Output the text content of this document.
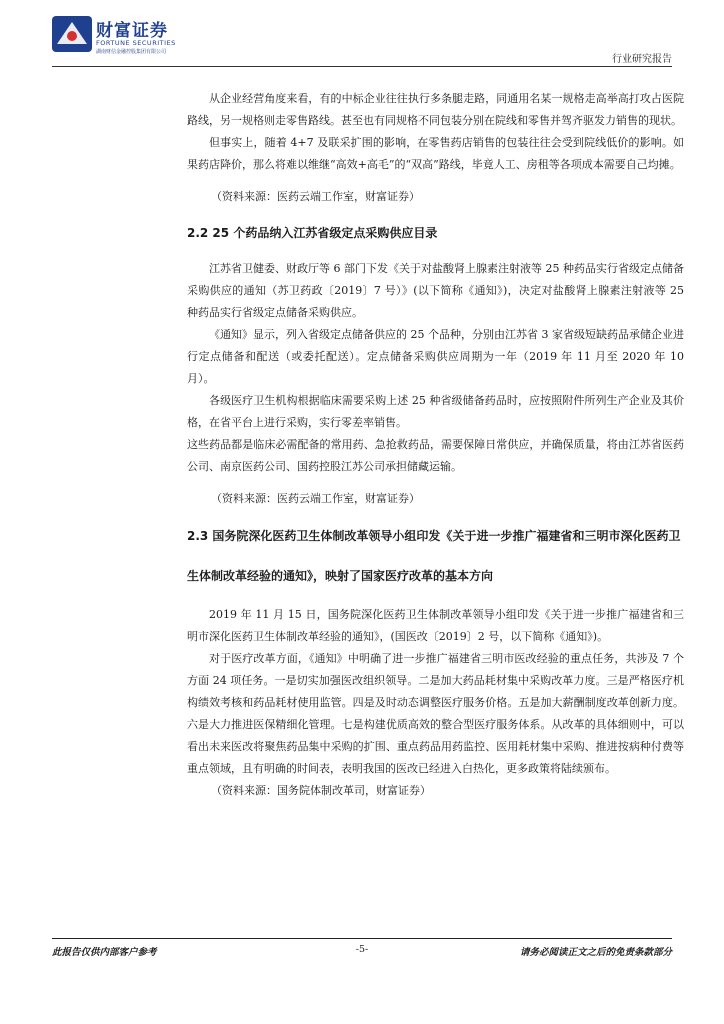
财富证券
FORTUNE SECURITIES
湖南财信金融控股集团有限公司
行业研究报告

从企业经营角度来看，有的中标企业往往执行多条腿走路，同通用名某一规格走高举高打攻占医院路线，另一规格则走零售路线。甚至也有同规格不同包装分别在院线和零售并驾齐驱发力销售的现状。

但事实上，随着 4+7 及联采扩围的影响，在零售药店销售的包装往往会受到院线低价的影响。如果药店降价，那么将难以维继“高效+高毛”的“双高”路线，毕竟人工、房租等各项成本需要自己均摊。

（资料来源：医药云端工作室，财富证券）

2.2 25 个药品纳入江苏省级定点采购供应目录

江苏省卫健委、财政厅等 6 部门下发《关于对盐酸肾上腺素注射液等 25 种药品实行省级定点储备采购供应的通知（苏卫药政〔2019〕7 号）》(以下简称《通知》)，决定对盐酸肾上腺素注射液等 25 种药品实行省级定点储备采购供应。

《通知》显示，列入省级定点储备供应的 25 个品种，分别由江苏省 3 家省级短缺药品承储企业进行定点储备和配送（或委托配送）。定点储备采购供应周期为一年（2019 年 11 月至 2020 年 10 月）。

各级医疗卫生机构根据临床需要采购上述 25 种省级储备药品时，应按照附件所列生产企业及其价格，在省平台上进行采购，实行零差率销售。

这些药品都是临床必需配备的常用药、急抢救药品，需要保障日常供应，并确保质量，将由江苏省医药公司、南京医药公司、国药控股江苏公司承担储藏运输。

（资料来源：医药云端工作室，财富证券）

2.3 国务院深化医药卫生体制改革领导小组印发《关于进一步推广福建省和三明市深化医药卫生体制改革经验的通知》，映射了国家医疗改革的基本方向

2019 年 11 月 15 日，国务院深化医药卫生体制改革领导小组印发《关于进一步推广福建省和三明市深化医药卫生体制改革经验的通知》，(国医改〔2019〕2 号，以下简称《通知》)。

对于医疗改革方面，《通知》中明确了进一步推广福建省三明市医改经验的重点任务，共涉及 7 个方面 24 项任务。一是切实加强医改组织领导。二是加大药品耗材集中采购改革力度。三是严格医疗机构绩效考核和药品耗材使用监管。四是及时动态调整医疗服务价格。五是加大薪酬制度改革创新力度。六是大力推进医保精细化管理。七是构建优质高效的整合型医疗服务体系。从改革的具体细则中，可以看出未来医改将聚焦药品集中采购的扩围、重点药品用药监控、医用耗材集中采购、推进按病种付费等重点领域，且有明确的时间表，表明我国的医改已经进入白热化，更多政策将陆续颁布。

（资料来源：国务院体制改革司，财富证券）

此报告仅供内部客户参考	-5-	请务必阅读正文之后的免责条款部分
